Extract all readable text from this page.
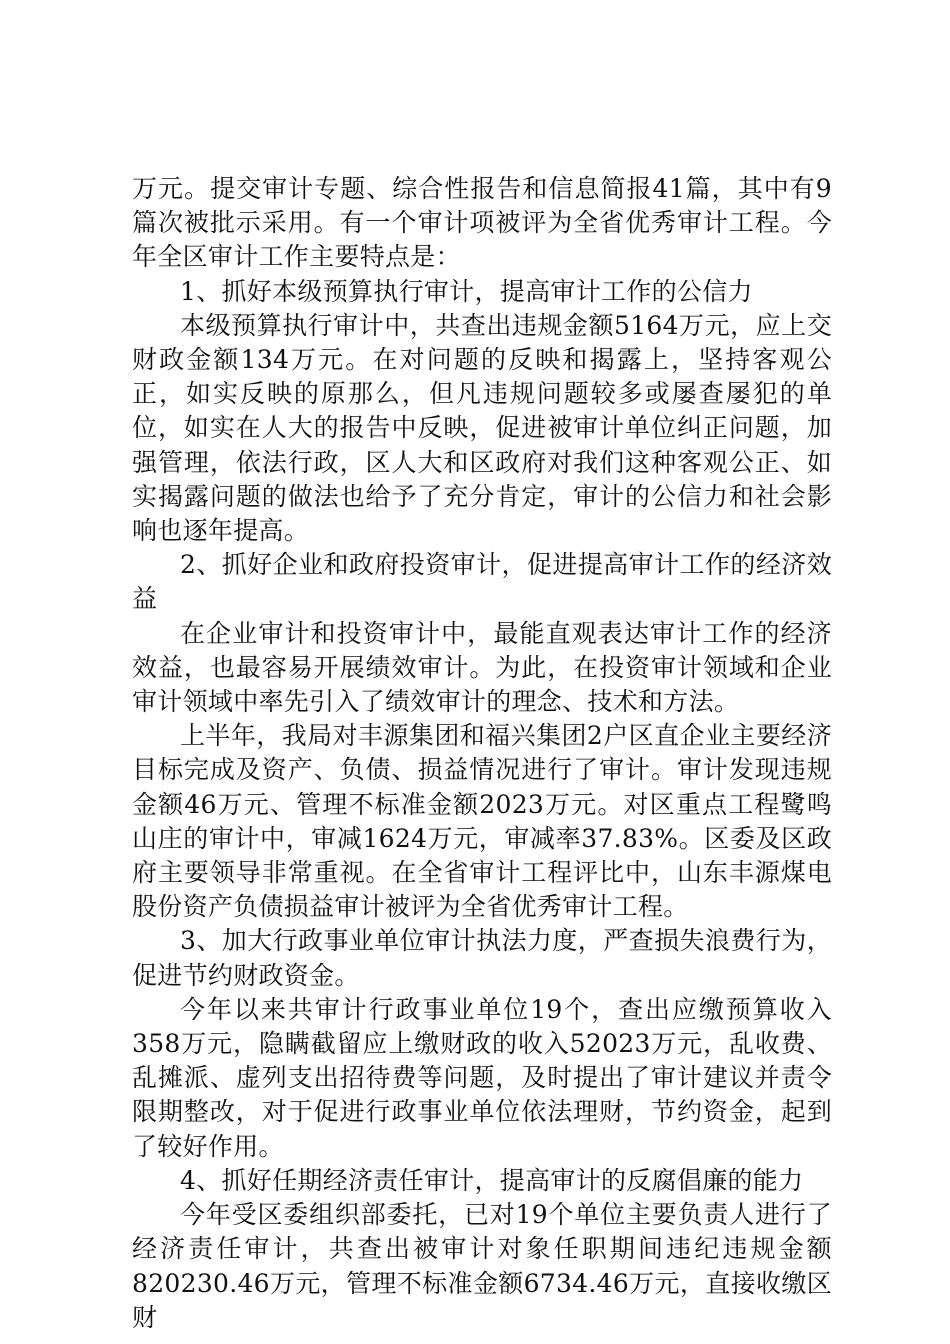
万元。提交审计专题、综合性报告和信息简报41篇，其中有9篇次被批示采用。有一个审计项被评为全省优秀审计工程。今年全区审计工作主要特点是：

1、抓好本级预算执行审计，提高审计工作的公信力

本级预算执行审计中，共查出违规金额5164万元，应上交财政金额134万元。在对问题的反映和揭露上，坚持客观公正，如实反映的原那么，但凡违规问题较多或屡查屡犯的单位，如实在人大的报告中反映，促进被审计单位纠正问题，加强管理，依法行政，区人大和区政府对我们这种客观公正、如实揭露问题的做法也给予了充分肯定，审计的公信力和社会影响也逐年提高。

2、抓好企业和政府投资审计，促进提高审计工作的经济效益

在企业审计和投资审计中，最能直观表达审计工作的经济效益，也最容易开展绩效审计。为此，在投资审计领域和企业审计领域中率先引入了绩效审计的理念、技术和方法。

上半年，我局对丰源集团和福兴集团2户区直企业主要经济目标完成及资产、负债、损益情况进行了审计。审计发现违规金额46万元、管理不标准金额2023万元。对区重点工程鹭鸣山庄的审计中，审减1624万元，审减率37.83%。区委及区政府主要领导非常重视。在全省审计工程评比中，山东丰源煤电股份资产负债损益审计被评为全省优秀审计工程。

3、加大行政事业单位审计执法力度，严查损失浪费行为，促进节约财政资金。

今年以来共审计行政事业单位19个，查出应缴预算收入358万元，隐瞒截留应上缴财政的收入52023万元，乱收费、乱摊派、虚列支出招待费等问题，及时提出了审计建议并责令限期整改，对于促进行政事业单位依法理财，节约资金，起到了较好作用。

4、抓好任期经济责任审计，提高审计的反腐倡廉的能力

今年受区委组织部委托，已对19个单位主要负责人进行了经济责任审计，共查出被审计对象任职期间违纪违规金额820230.46万元，管理不标准金额6734.46万元，直接收缴区财
